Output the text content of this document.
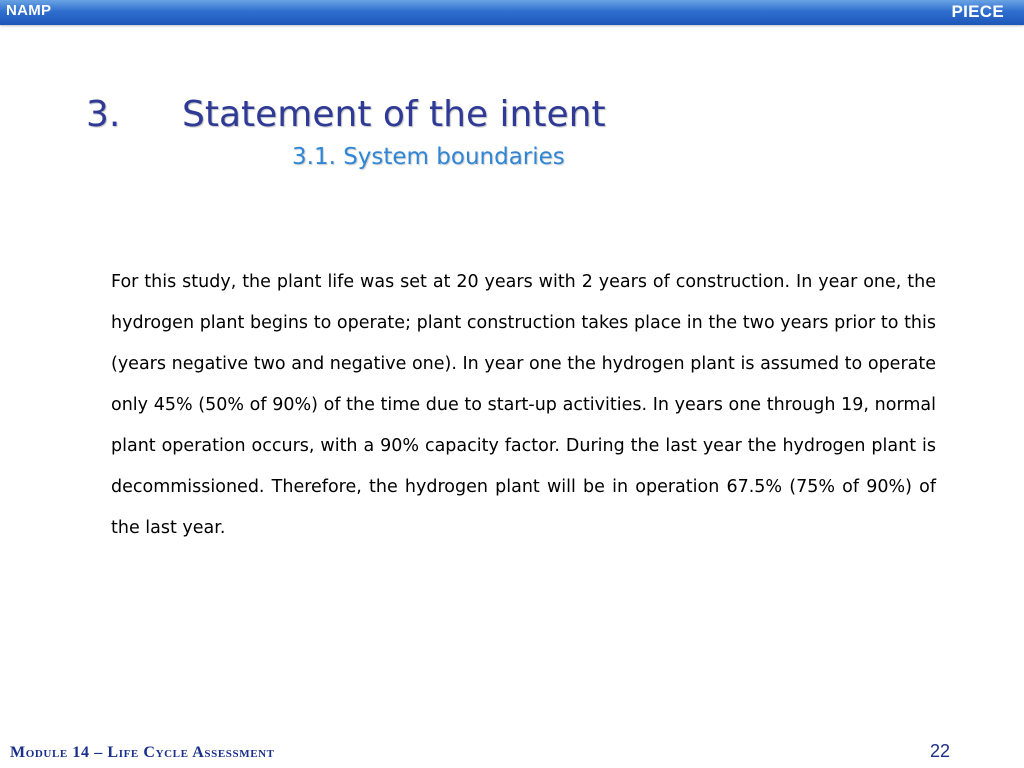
NAMP	PIECE
3. Statement of the intent
3.1. System boundaries

For this study, the plant life was set at 20 years with 2 years of construction. In year one, the hydrogen plant begins to operate; plant construction takes place in the two years prior to this (years negative two and negative one). In year one the hydrogen plant is assumed to operate only 45% (50% of 90%) of the time due to start-up activities. In years one through 19, normal plant operation occurs, with a 90% capacity factor. During the last year the hydrogen plant is decommissioned. Therefore, the hydrogen plant will be in operation 67.5% (75% of 90%) of the last year.

Module 14 – Life Cycle Assessment	22
